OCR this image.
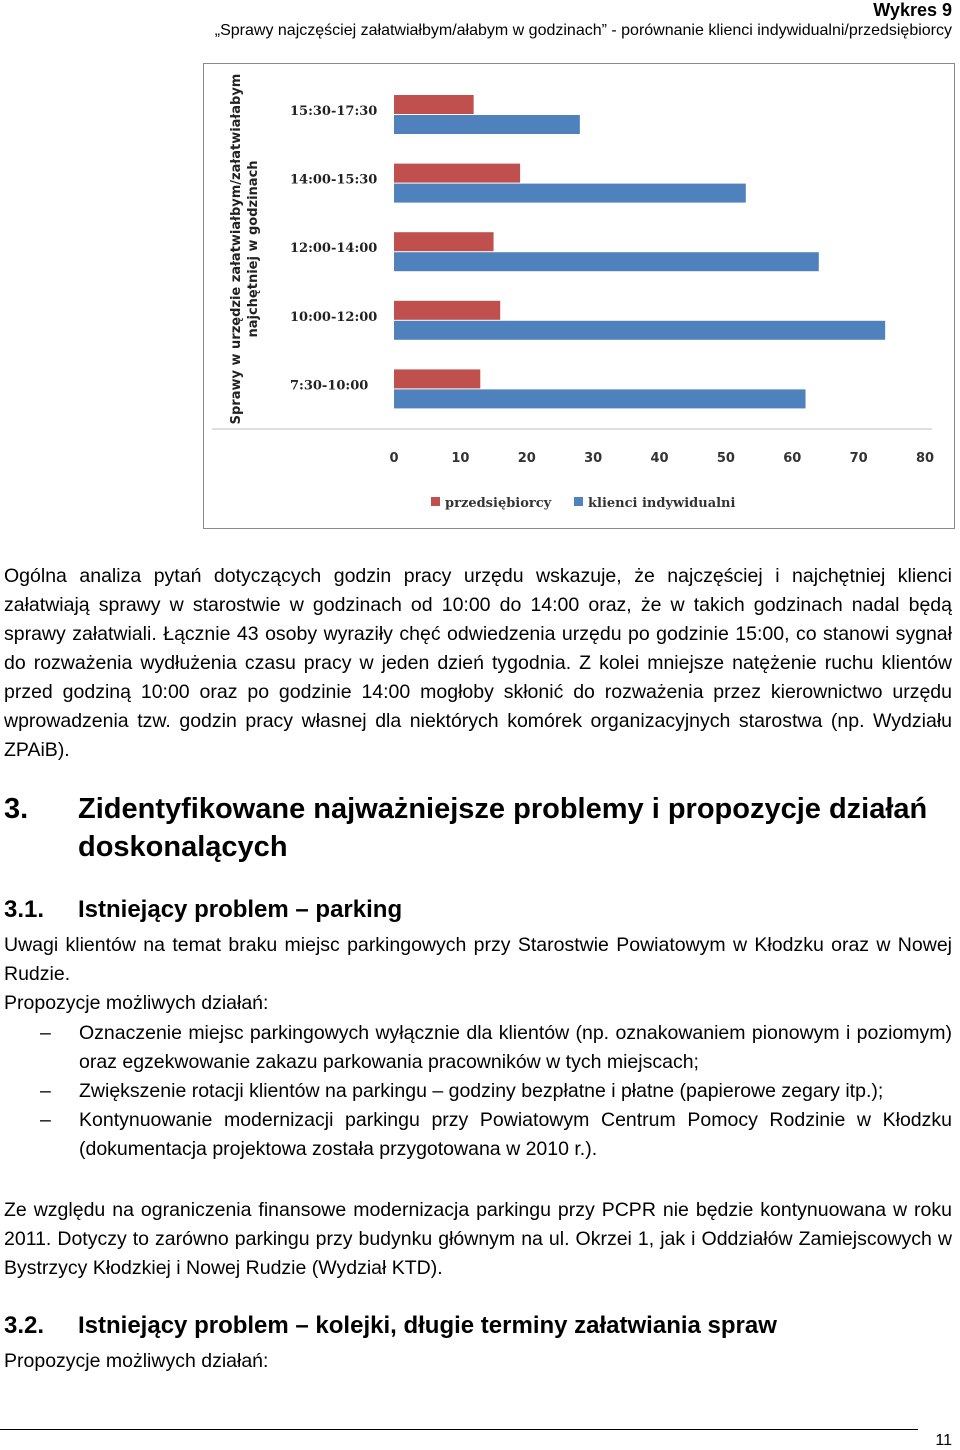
Wykres 9
„Sprawy najczęściej załatwiałbym/ałabym w godzinach” - porównanie klienci indywidualni/przedsiębiorcy
0	10	20	30	40	50	60	70	80
Sprawy w urzędzie załatwiałbym/załatwiałabym najchętniej w godzinach
15:30-17:30
14:00-15:30
12:00-14:00
10:00-12:00
7:30-10:00
przedsiębiorcy	klienci indywidualni
Ogólna analiza pytań dotyczących godzin pracy urzędu wskazuje, że najczęściej i najchętniej klienci załatwiają sprawy w starostwie w godzinach od 10:00 do 14:00 oraz, że w takich godzinach nadal będą sprawy załatwiali. Łącznie 43 osoby wyraziły chęć odwiedzenia urzędu po godzinie 15:00, co stanowi sygnał do rozważenia wydłużenia czasu pracy w jeden dzień tygodnia. Z kolei mniejsze natężenie ruchu klientów przed godziną 10:00 oraz po godzinie 14:00 mogłoby skłonić do rozważenia przez kierownictwo urzędu wprowadzenia tzw. godzin pracy własnej dla niektórych komórek organizacyjnych starostwa (np. Wydziału ZPAiB).
3. Zidentyfikowane najważniejsze problemy i propozycje działań doskonalących
3.1. Istniejący problem – parking
Uwagi klientów na temat braku miejsc parkingowych przy Starostwie Powiatowym w Kłodzku oraz w Nowej Rudzie.
Propozycje możliwych działań:
–	Oznaczenie miejsc parkingowych wyłącznie dla klientów (np. oznakowaniem pionowym i poziomym) oraz egzekwowanie zakazu parkowania pracowników w tych miejscach;
–	Zwiększenie rotacji klientów na parkingu – godziny bezpłatne i płatne (papierowe zegary itp.);
–	Kontynuowanie modernizacji parkingu przy Powiatowym Centrum Pomocy Rodzinie w Kłodzku (dokumentacja projektowa została przygotowana w 2010 r.).
Ze względu na ograniczenia finansowe modernizacja parkingu przy PCPR nie będzie kontynuowana w roku 2011. Dotyczy to zarówno parkingu przy budynku głównym na ul. Okrzei 1, jak i Oddziałów Zamiejscowych w Bystrzycy Kłodzkiej i Nowej Rudzie (Wydział KTD).
3.2. Istniejący problem – kolejki, długie terminy załatwiania spraw
Propozycje możliwych działań:
11
